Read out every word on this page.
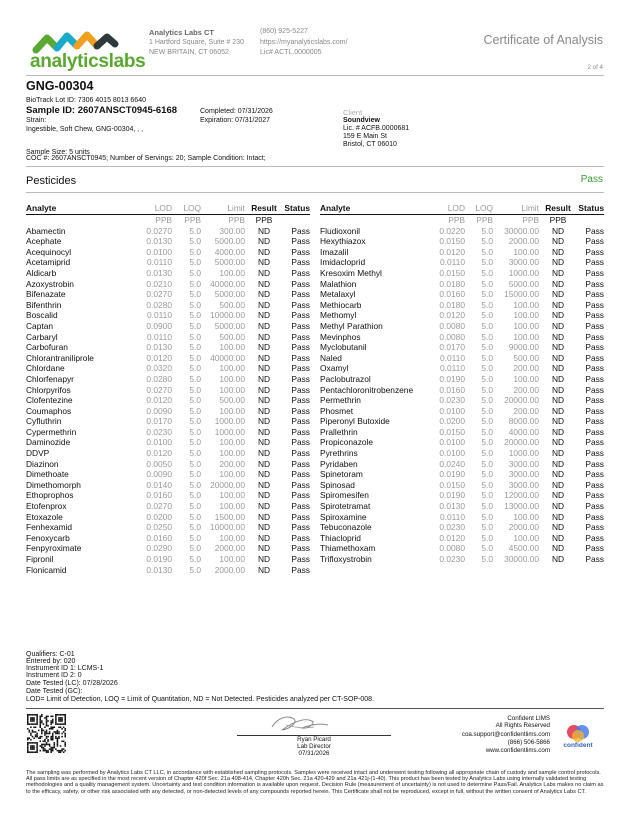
analyticslabs
Analytics Labs CT
1 Hartford Square, Suite # 230
NEW BRITAIN, CT 06052
(860) 925-5227
https://myanalyticslabs.com/
Lic# ACTL.0000005
Certificate of Analysis
2 of 4
GNG-00304
BioTrack Lot ID: 7306 4015 8013 6640
Sample ID: 2607ANSCT0945-6168
Strain:
Ingestible, Soft Chew, GNG-00304, , ,
Completed: 07/31/2026
Expiration: 07/31/2027
Client
Soundview
Lic. # ACFB.0000681
159 E Main St
Bristol, CT 06010
Sample Size: 5 units
COC #: 2607ANSCT0945; Number of Servings: 20; Sample Condition: Intact;
Pesticides	Pass
Analyte	LOD	LOQ	Limit	Result	Status
	PPB	PPB	PPB	PPB	
Abamectin	0.0270	5.0	300.00	ND	Pass
Acephate	0.0130	5.0	5000.00	ND	Pass
Acequinocyl	0.0100	5.0	4000.00	ND	Pass
Acetamiprid	0.0110	5.0	5000.00	ND	Pass
Aldicarb	0.0130	5.0	100.00	ND	Pass
Azoxystrobin	0.0210	5.0	40000.00	ND	Pass
Bifenazate	0.0270	5.0	5000.00	ND	Pass
Bifenthrin	0.0280	5.0	500.00	ND	Pass
Boscalid	0.0110	5.0	10000.00	ND	Pass
Captan	0.0900	5.0	5000.00	ND	Pass
Carbaryl	0.0110	5.0	500.00	ND	Pass
Carbofuran	0.0130	5.0	100.00	ND	Pass
Chlorantraniliprole	0.0120	5.0	40000.00	ND	Pass
Chlordane	0.0320	5.0	100.00	ND	Pass
Chlorfenapyr	0.0280	5.0	100.00	ND	Pass
Chlorpyrifos	0.0270	5.0	100.00	ND	Pass
Clofentezine	0.0120	5.0	500.00	ND	Pass
Coumaphos	0.0090	5.0	100.00	ND	Pass
Cyfluthrin	0.0170	5.0	1000.00	ND	Pass
Cypermethrin	0.0230	5.0	1000.00	ND	Pass
Daminozide	0.0100	5.0	100.00	ND	Pass
DDVP	0.0120	5.0	100.00	ND	Pass
Diazinon	0.0050	5.0	200.00	ND	Pass
Dimethoate	0.0090	5.0	100.00	ND	Pass
Dimethomorph	0.0140	5.0	20000.00	ND	Pass
Ethoprophos	0.0160	5.0	100.00	ND	Pass
Etofenprox	0.0270	5.0	100.00	ND	Pass
Etoxazole	0.0200	5.0	1500.00	ND	Pass
Fenhexamid	0.0250	5.0	10000.00	ND	Pass
Fenoxycarb	0.0160	5.0	100.00	ND	Pass
Fenpyroximate	0.0290	5.0	2000.00	ND	Pass
Fipronil	0.0190	5.0	100.00	ND	Pass
Flonicamid	0.0130	5.0	2000.00	ND	Pass
Analyte	LOD	LOQ	Limit	Result	Status
	PPB	PPB	PPB	PPB	
Fludioxonil	0.0220	5.0	30000.00	ND	Pass
Hexythiazox	0.0150	5.0	2000.00	ND	Pass
Imazalil	0.0120	5.0	100.00	ND	Pass
Imidacloprid	0.0110	5.0	3000.00	ND	Pass
Kresoxim Methyl	0.0150	5.0	1000.00	ND	Pass
Malathion	0.0180	5.0	5000.00	ND	Pass
Metalaxyl	0.0160	5.0	15000.00	ND	Pass
Methiocarb	0.0180	5.0	100.00	ND	Pass
Methomyl	0.0120	5.0	100.00	ND	Pass
Methyl Parathion	0.0080	5.0	100.00	ND	Pass
Mevinphos	0.0080	5.0	100.00	ND	Pass
Myclobutanil	0.0170	5.0	9000.00	ND	Pass
Naled	0.0110	5.0	500.00	ND	Pass
Oxamyl	0.0110	5.0	200.00	ND	Pass
Paclobutrazol	0.0190	5.0	100.00	ND	Pass
Pentachloronitrobenzene	0.0160	5.0	200.00	ND	Pass
Permethrin	0.0230	5.0	20000.00	ND	Pass
Phosmet	0.0100	5.0	200.00	ND	Pass
Piperonyl Butoxide	0.0200	5.0	8000.00	ND	Pass
Prallethrin	0.0150	5.0	4000.00	ND	Pass
Propiconazole	0.0100	5.0	20000.00	ND	Pass
Pyrethrins	0.0100	5.0	1000.00	ND	Pass
Pyridaben	0.0240	5.0	3000.00	ND	Pass
Spinetoram	0.0190	5.0	3000.00	ND	Pass
Spinosad	0.0150	5.0	3000.00	ND	Pass
Spiromesifen	0.0190	5.0	12000.00	ND	Pass
Spirotetramat	0.0130	5.0	13000.00	ND	Pass
Spiroxamine	0.0110	5.0	100.00	ND	Pass
Tebuconazole	0.0230	5.0	2000.00	ND	Pass
Thiacloprid	0.0120	5.0	100.00	ND	Pass
Thiamethoxam	0.0080	5.0	4500.00	ND	Pass
Trifloxystrobin	0.0230	5.0	30000.00	ND	Pass
Qualifiers: C-01
Entered by: 020
Instrument ID 1: LCMS-1
Instrument ID 2: 0
Date Tested (LC): 07/28/2026
Date Tested (GC):
LOD= Limit of Detection, LOQ = Limit of Quantitation, ND = Not Detected. Pesticides analyzed per CT-SOP-008.
Ryan Picard
Lab Director
07/31/2026
Confident LIMS
All Rights Reserved
coa.support@confidentlims.com
(866) 506-5866
www.confidentlims.com
confident
The sampling was performed by Analytics Labs CT LLC, in accordance with established sampling protocols. Samples were received intact and underwent testing following all appropriate chain of custody and sample control protocols. All pass limits are as specified in the most recent version of Chapter 420f Sec. 21a 408-414, Chapter 420h Sec. 21a 420-429 and 21a 421j-(1-40). This product has been tested by Analytics Labs using internally validated testing methodologies and a quality management system. Uncertainty and test condition information is available upon request. Decision Rule (measurement of uncertainty) is not used to determine Pass/Fail. Analytics Labs makes no claim as to the efficacy, safety, or other risk associated with any detected, or non-detected levels of any compounds reported herein. This Certificate shall not be reproduced, except in full, without the written consent of Analytics Labs CT.
